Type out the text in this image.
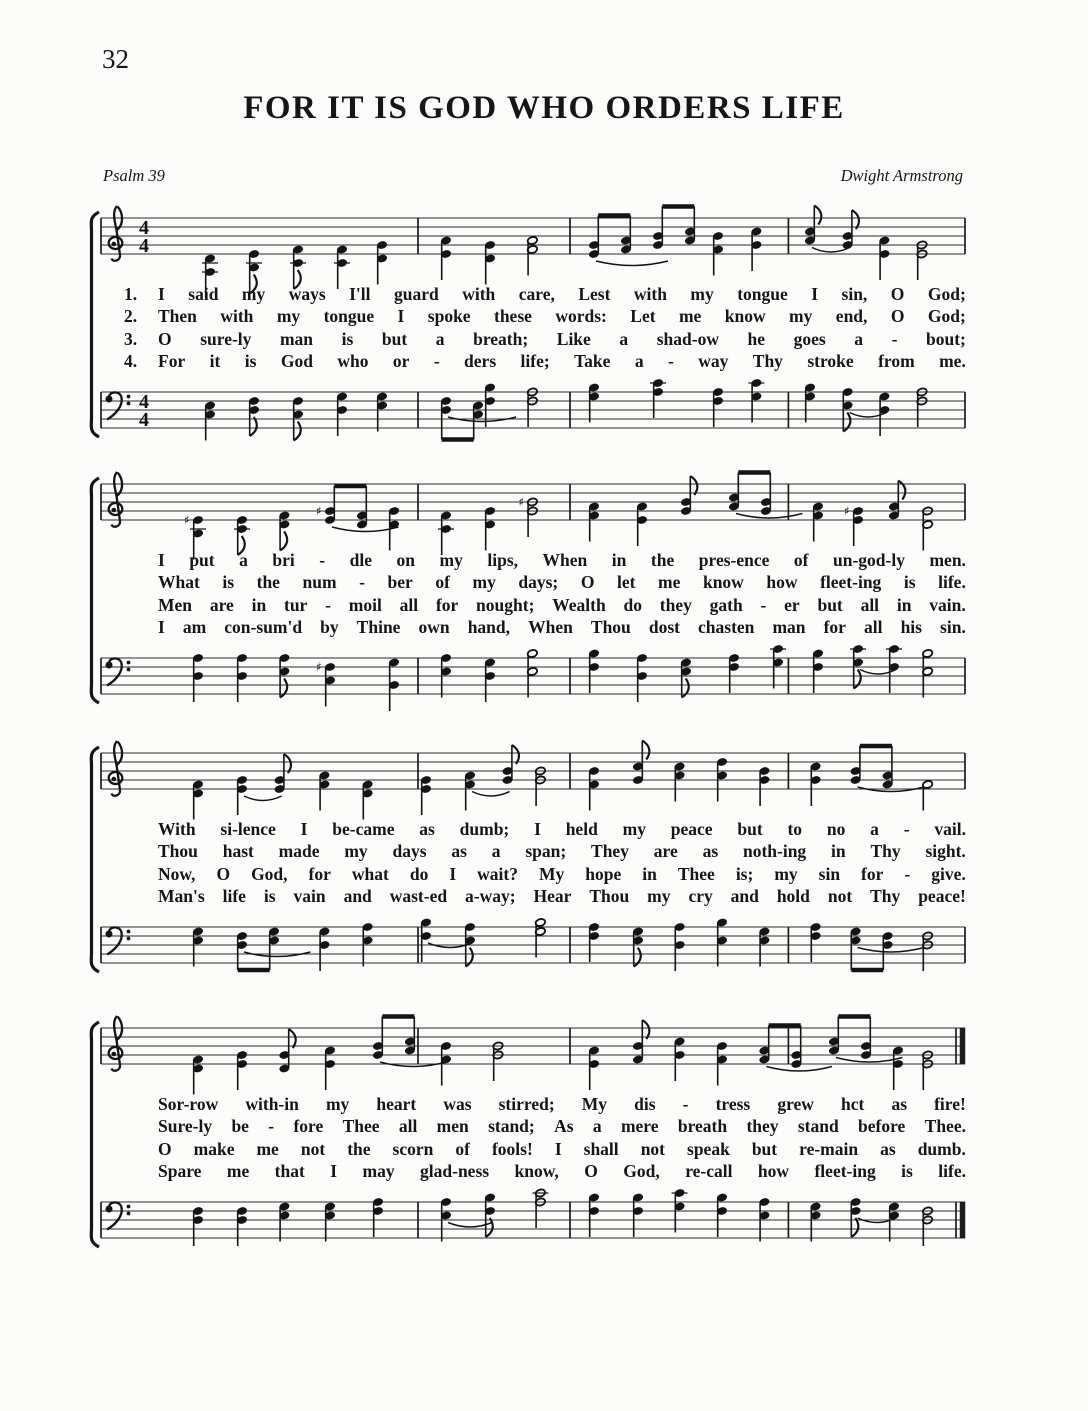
32
FOR IT IS GOD WHO ORDERS LIFE
Psalm 39	Dwight Armstrong
4
4
1.	I said my ways I'll guard with care, Lest with my tongue I sin, O God;
2.	Then with my tongue I spoke these words: Let me know my end, O God;
3.	O sure-ly man is but a breath; Like a shad-ow he goes a - bout;
4.	For it is God who or - ders life; Take a - way Thy stroke from me.
4
4
♯
♯
♯
♯
I put a bri - dle on my lips, When in the pres-ence of un-god-ly men.
What is the num - ber of my days; O let me know how fleet-ing is life.
Men are in tur - moil all for nought; Wealth do they gath - er but all in vain.
I am con-sum'd by Thine own hand, When Thou dost chasten man for all his sin.
♯
With si-lence I be-came as dumb; I held my peace but to no a - vail.
Thou hast made my days as a span; They are as noth-ing in Thy sight.
Now, O God, for what do I wait? My hope in Thee is; my sin for - give.
Man's life is vain and wast-ed a-way; Hear Thou my cry and hold not Thy peace!
Sor-row with-in my heart was stirred; My dis - tress grew hct as fire!
Sure-ly be - fore Thee all men stand; As a mere breath they stand before Thee.
O make me not the scorn of fools! I shall not speak but re-main as dumb.
Spare me that I may glad-ness know, O God, re-call how fleet-ing is life.
